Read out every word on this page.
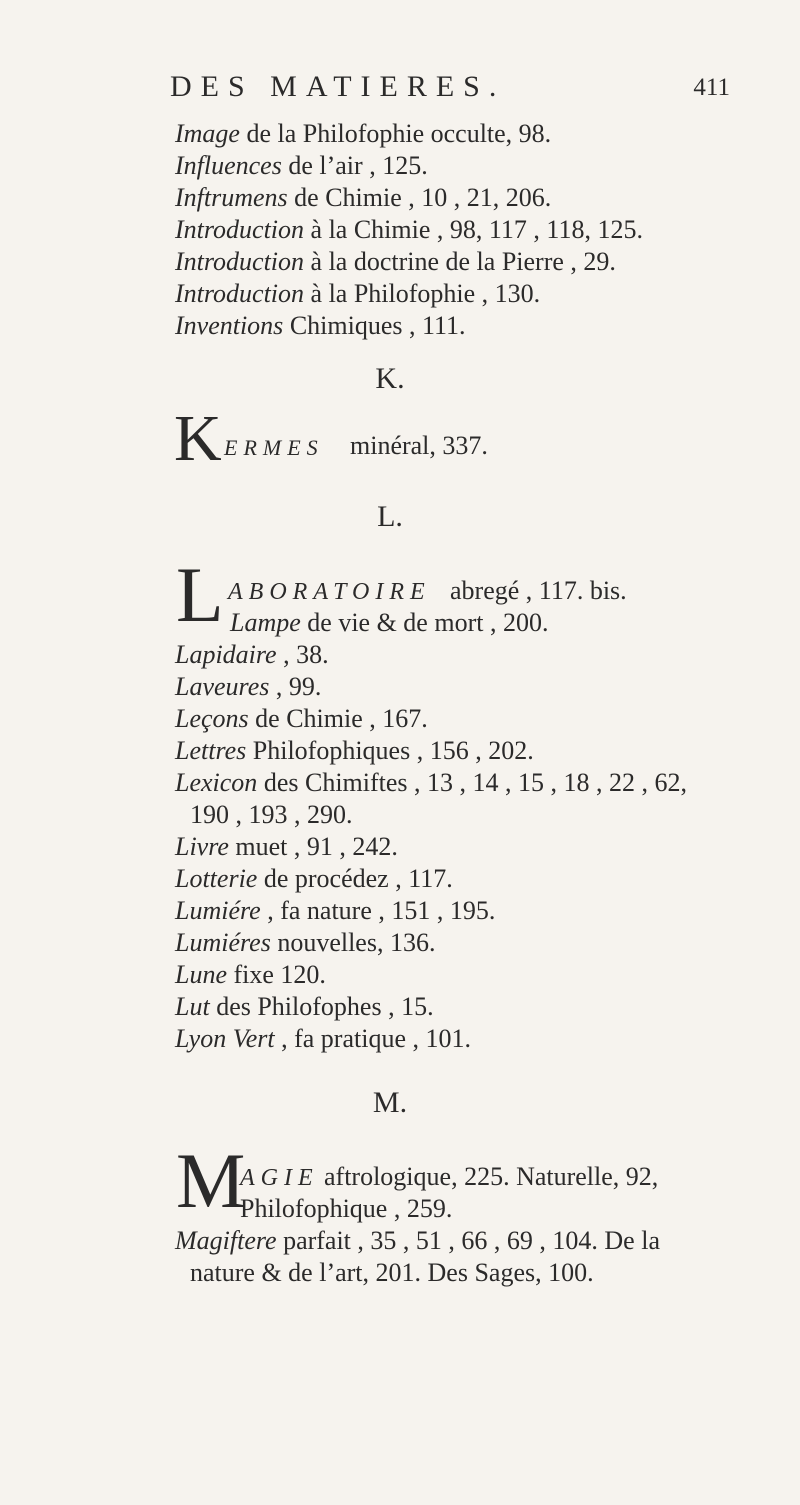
DES MATIERES.	411
Image de la Philofophie occulte, 98.
Influences de l’air , 125.
Inftrumens de Chimie , 10 , 21, 206.
Introduction à la Chimie , 98, 117 , 118, 125.
Introduction à la doctrine de la Pierre , 29.
Introduction à la Philofophie , 130.
Inventions Chimiques , 111.
K.
K ERMES minéral, 337.
L.
L ABORATOIRE abregé , 117. bis.
Lampe de vie & de mort , 200.
Lapidaire , 38.
Laveures , 99.
Leçons de Chimie , 167.
Lettres Philofophiques , 156 , 202.
Lexicon des Chimiftes , 13 , 14 , 15 , 18 , 22 , 62,
190 , 193 , 290.
Livre muet , 91 , 242.
Lotterie de procédez , 117.
Lumiére , fa nature , 151 , 195.
Lumiéres nouvelles, 136.
Lune fixe 120.
Lut des Philofophes , 15.
Lyon Vert , fa pratique , 101.
M.
M
AGIE aftrologique, 225. Naturelle, 92,
Philofophique , 259.
Magiftere parfait , 35 , 51 , 66 , 69 , 104. De la
nature & de l’art, 201. Des Sages, 100.
